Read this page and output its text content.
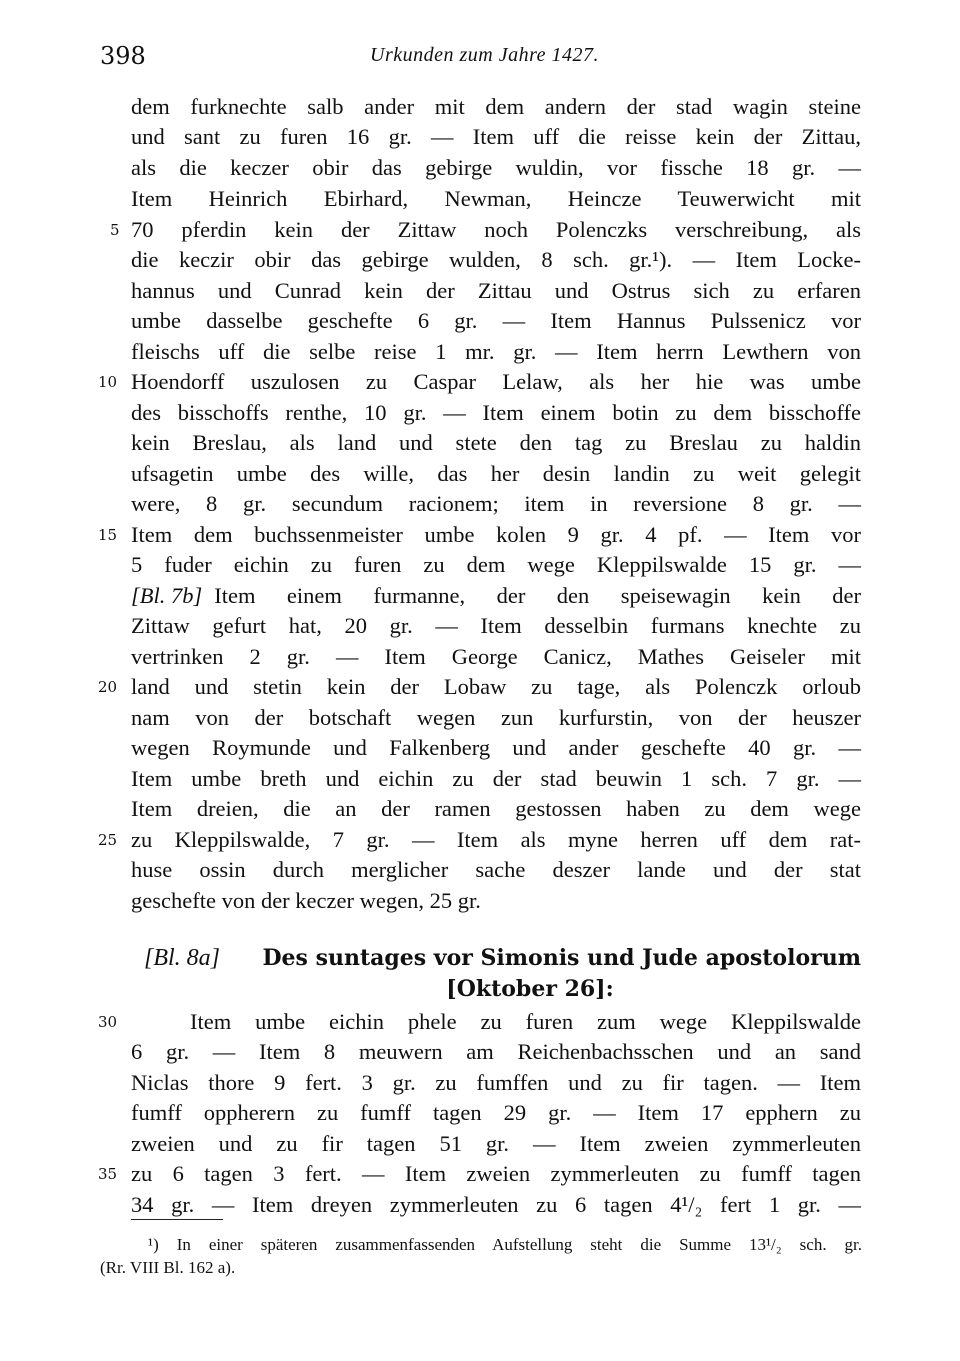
398	Urkunden zum Jahre 1427.
dem furknechte salb ander mit dem andern der stad wagin steine
und sant zu furen 16 gr. — Item uff die reisse kein der Zittau,
als die keczer obir das gebirge wuldin, vor fissche 18 gr. —
Item Heinrich Ebirhard, Newman, Heincze Teuwerwicht mit
70 pferdin kein der Zittaw noch Polenczks verschreibung, als
die keczir obir das gebirge wulden, 8 sch. gr.¹). — Item Locke-
hannus und Cunrad kein der Zittau und Ostrus sich zu erfaren
umbe dasselbe geschefte 6 gr. — Item Hannus Pulssenicz vor
fleischs uff die selbe reise 1 mr. gr. — Item herrn Lewthern von
Hoendorff uszulosen zu Caspar Lelaw, als her hie was umbe
des bisschoffs renthe, 10 gr. — Item einem botin zu dem bisschoffe
kein Breslau, als land und stete den tag zu Breslau zu haldin
ufsagetin umbe des wille, das her desin landin zu weit gelegit
were, 8 gr. secundum racionem; item in reversione 8 gr. —
Item dem buchssenmeister umbe kolen 9 gr. 4 pf. — Item vor
5 fuder eichin zu furen zu dem wege Kleppilswalde 15 gr. —
[Bl. 7b] Item einem furmanne, der den speisewagin kein der
Zittaw gefurt hat, 20 gr. — Item desselbin furmans knechte zu
vertrinken 2 gr. — Item George Canicz, Mathes Geiseler mit
land und stetin kein der Lobaw zu tage, als Polenczk orloub
nam von der botschaft wegen zun kurfurstin, von der heuszer
wegen Roymunde und Falkenberg und ander geschefte 40 gr. —
Item umbe breth und eichin zu der stad beuwin 1 sch. 7 gr. —
Item dreien, die an der ramen gestossen haben zu dem wege
zu Kleppilswalde, 7 gr. — Item als myne herren uff dem rat-
huse ossin durch merglicher sache deszer lande und der stat
geschefte von der keczer wegen, 25 gr.
[Bl. 8a] Des suntages vor Simonis und Jude apostolorum
[Oktober 26]:
Item umbe eichin phele zu furen zum wege Kleppilswalde
6 gr. — Item 8 meuwern am Reichenbachsschen und an sand
Niclas thore 9 fert. 3 gr. zu fumffen und zu fir tagen. — Item
fumff oppherern zu fumff tagen 29 gr. — Item 17 epphern zu
zweien und zu fir tagen 51 gr. — Item zweien zymmerleuten
zu 6 tagen 3 fert. — Item zweien zymmerleuten zu fumff tagen
34 gr. — Item dreyen zymmerleuten zu 6 tagen 4¹/₂ fert 1 gr. —
5
10
15
20
25
30
35
¹) In einer späteren zusammenfassenden Aufstellung steht die Summe 13¹/₂ sch. gr.
(Rr. VIII Bl. 162 a).
